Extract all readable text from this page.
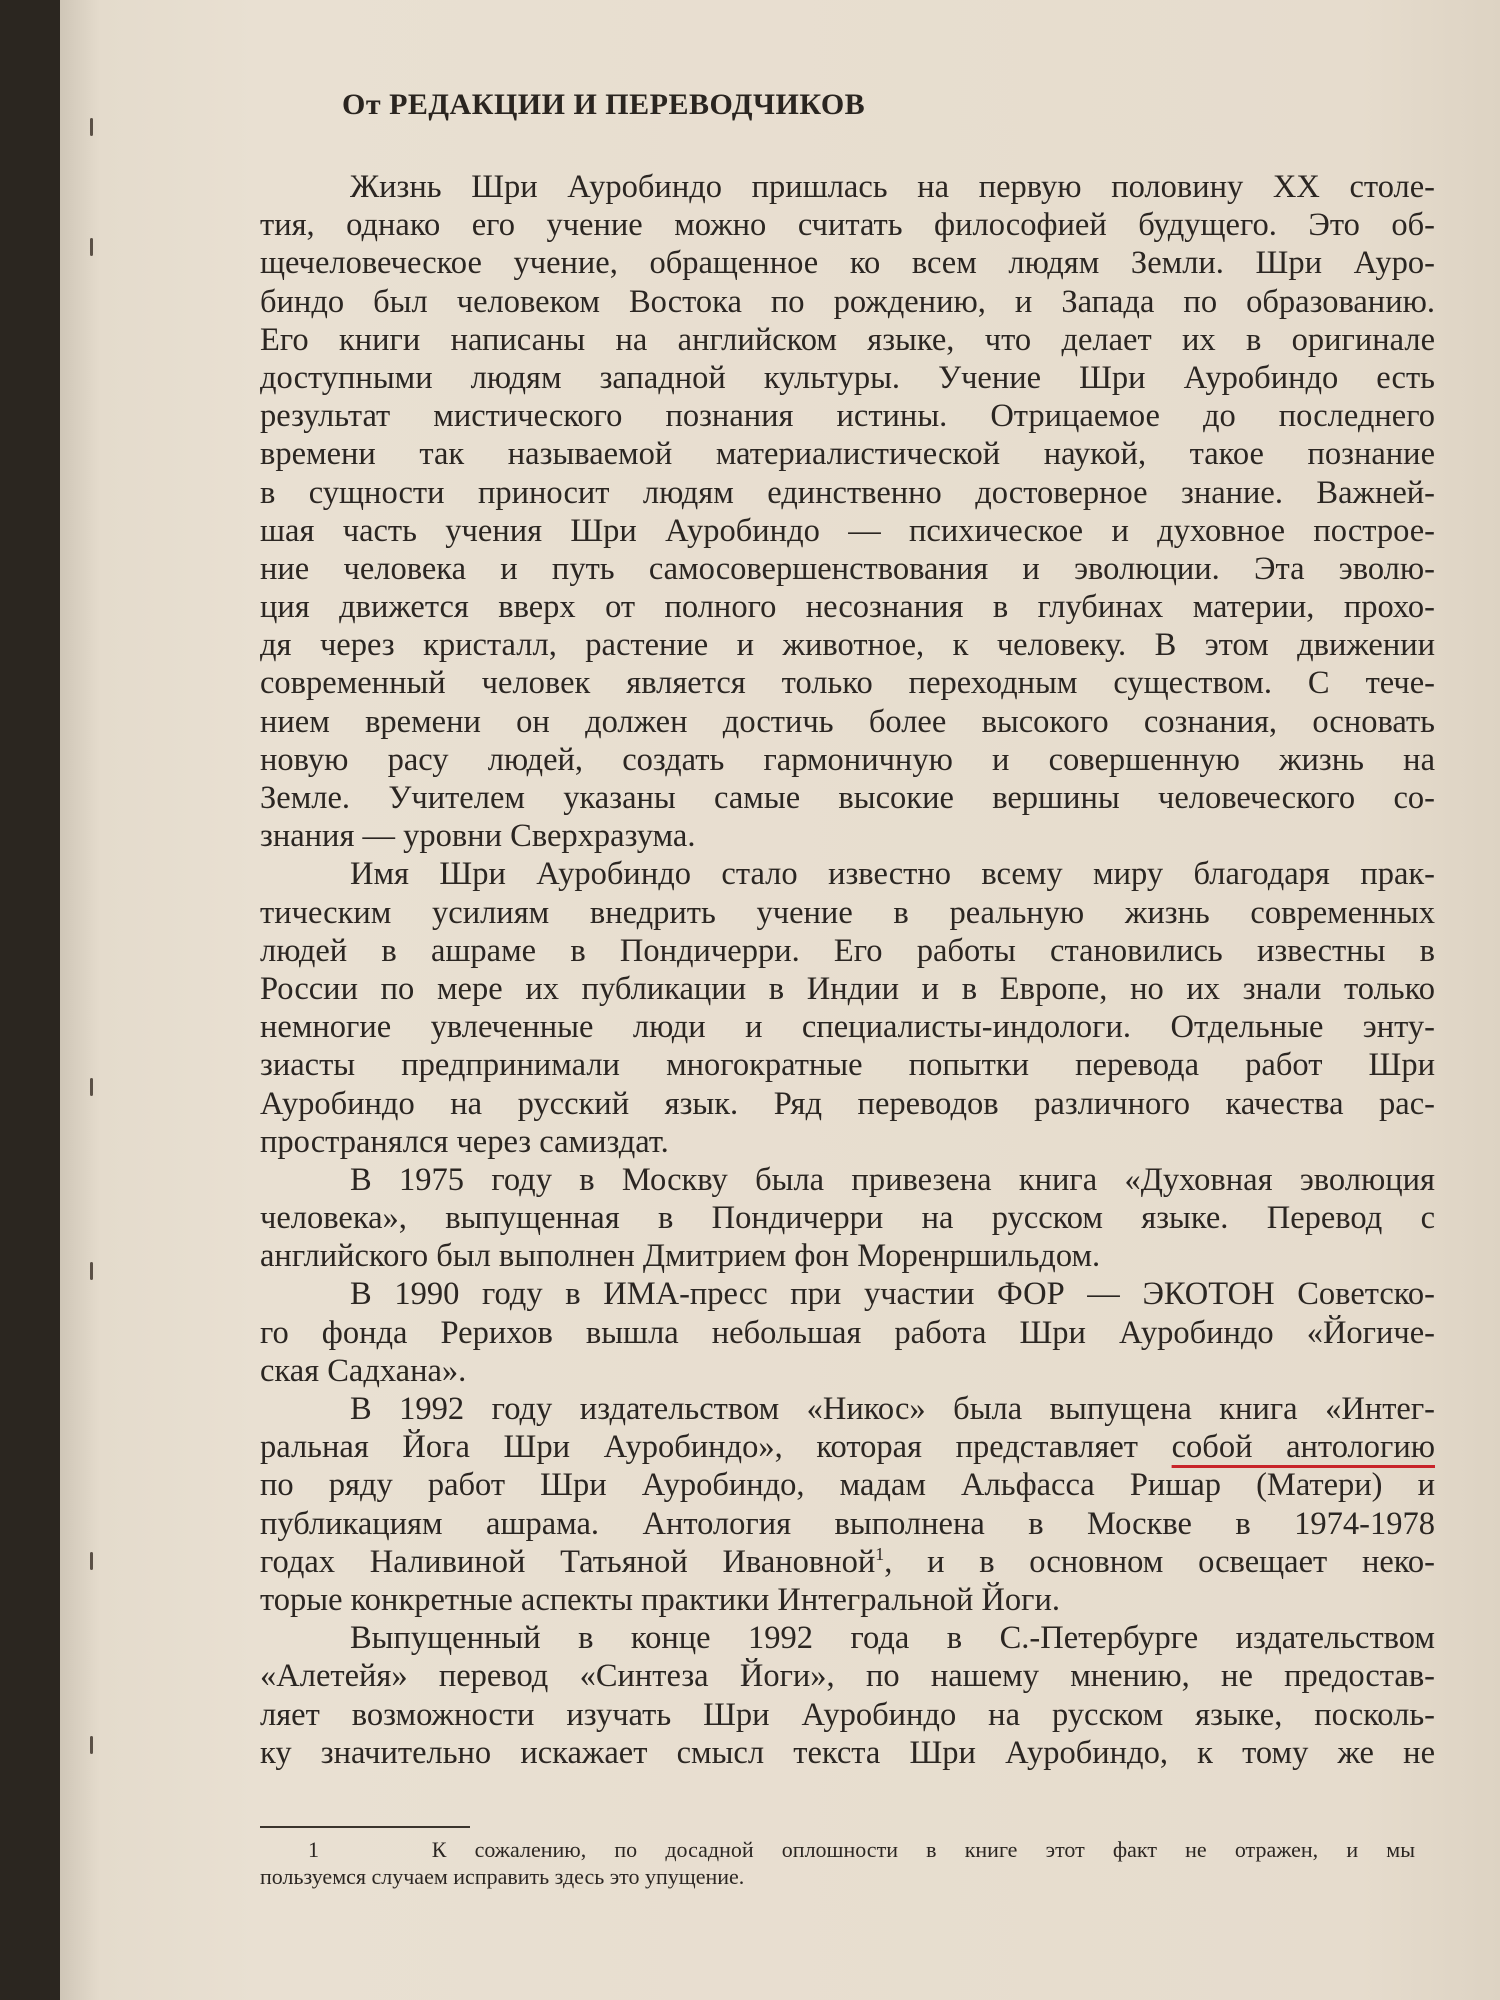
От РЕДАКЦИИ И ПЕРЕВОДЧИКОВ
Жизнь Шри Ауробиндо пришлась на первую половину XX столе-
тия, однако его учение можно считать философией будущего. Это об-
щечеловеческое учение, обращенное ко всем людям Земли. Шри Ауро-
биндо был человеком Востока по рождению, и Запада по образованию.
Его книги написаны на английском языке, что делает их в оригинале
доступными людям западной культуры. Учение Шри Ауробиндо есть
результат мистического познания истины. Отрицаемое до последнего
времени так называемой материалистической наукой, такое познание
в сущности приносит людям единственно достоверное знание. Важней-
шая часть учения Шри Ауробиндо — психическое и духовное построе-
ние человека и путь самосовершенствования и эволюции. Эта эволю-
ция движется вверх от полного несознания в глубинах материи, прохо-
дя через кристалл, растение и животное, к человеку. В этом движении
современный человек является только переходным существом. С тече-
нием времени он должен достичь более высокого сознания, основать
новую расу людей, создать гармоничную и совершенную жизнь на
Земле. Учителем указаны самые высокие вершины человеческого со-
знания — уровни Сверхразума.
Имя Шри Ауробиндо стало известно всему миру благодаря прак-
тическим усилиям внедрить учение в реальную жизнь современных
людей в ашраме в Пондичерри. Его работы становились известны в
России по мере их публикации в Индии и в Европе, но их знали только
немногие увлеченные люди и специалисты-индологи. Отдельные энту-
зиасты предпринимали многократные попытки перевода работ Шри
Ауробиндо на русский язык. Ряд переводов различного качества рас-
пространялся через самиздат.
В 1975 году в Москву была привезена книга «Духовная эволюция
человека», выпущенная в Пондичерри на русском языке. Перевод с
английского был выполнен Дмитрием фон Моренршильдом.
В 1990 году в ИМА-пресс при участии ФОР — ЭКОТОН Советско-
го фонда Рерихов вышла небольшая работа Шри Ауробиндо «Йогиче-
ская Садхана».
В 1992 году издательством «Никос» была выпущена книга «Интег-
ральная Йога Шри Ауробиндо», которая представляет собой антологию
по ряду работ Шри Ауробиндо, мадам Альфасса Ришар (Матери) и
публикациям ашрама. Антология выполнена в Москве в 1974-1978
годах Наливиной Татьяной Ивановной$^1$, и в основном освещает неко-
торые конкретные аспекты практики Интегральной Йоги.
Выпущенный в конце 1992 года в С.-Петербурге издательством
«Алетейя» перевод «Синтеза Йоги», по нашему мнению, не предостав-
ляет возможности изучать Шри Ауробиндо на русском языке, посколь-
ку значительно искажает смысл текста Шри Ауробиндо, к тому же не
1	К сожалению, по досадной оплошности в книге этот факт не отражен, и мы
пользуемся случаем исправить здесь это упущение.
